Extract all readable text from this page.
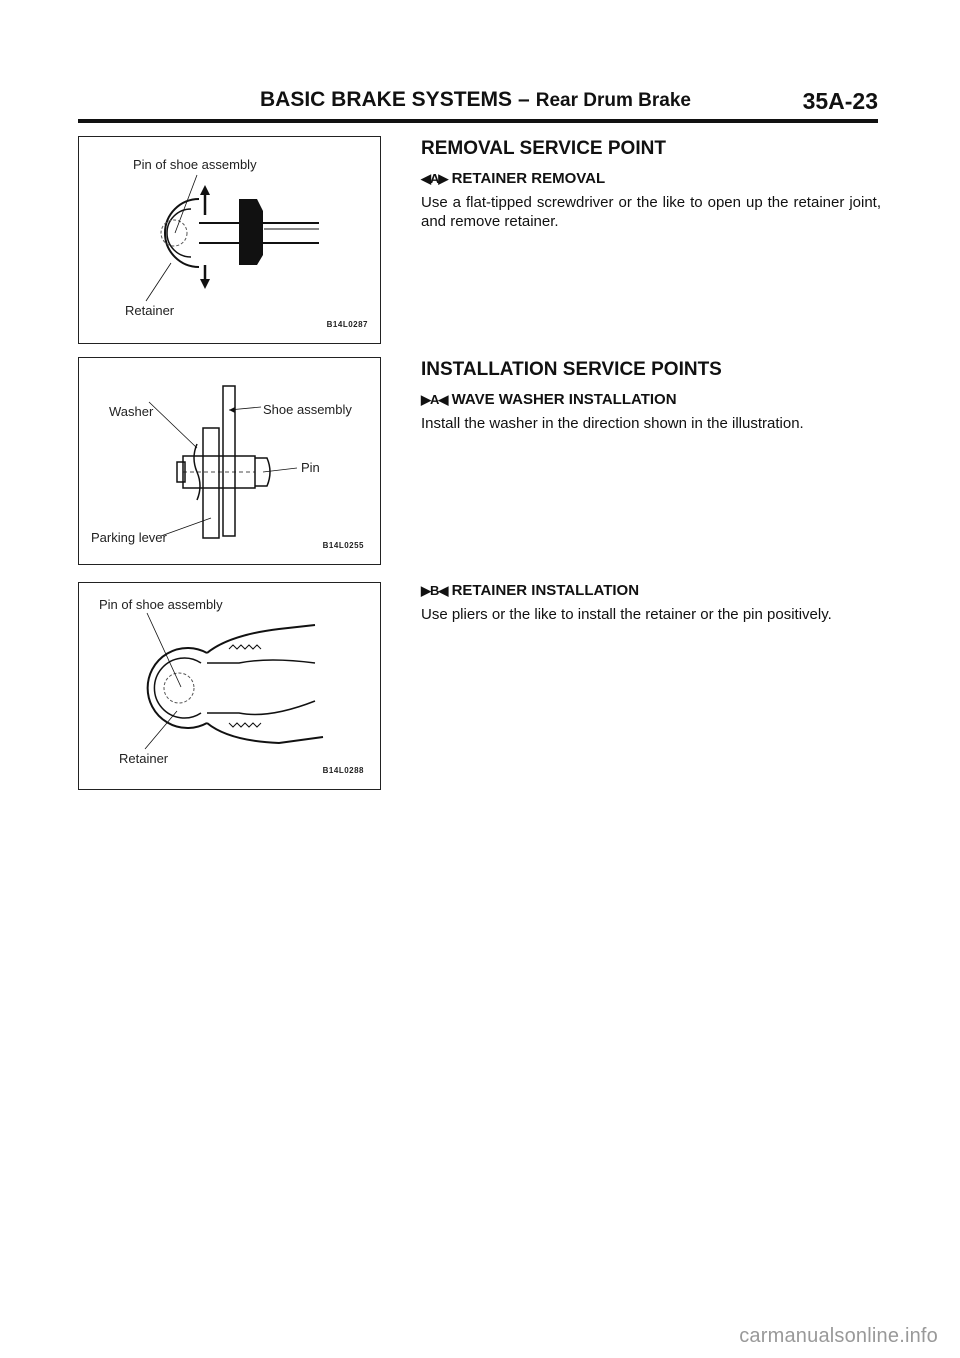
BASIC BRAKE SYSTEMS – Rear Drum Brake	35A-23
Pin of shoe assembly
Retainer
B14L0287
Washer	Shoe assembly
Pin
Parking lever
B14L0255
Pin of shoe assembly
Retainer
B14L0288
REMOVAL SERVICE POINT
◀A▶ RETAINER REMOVAL

Use a flat-tipped screwdriver or the like to open up the retainer joint, and remove retainer.

INSTALLATION SERVICE POINTS
▶A◀ WAVE WASHER INSTALLATION

Install the washer in the direction shown in the illustration.

▶B◀ RETAINER INSTALLATION

Use pliers or the like to install the retainer or the pin positively.

carmanualsonline.info
